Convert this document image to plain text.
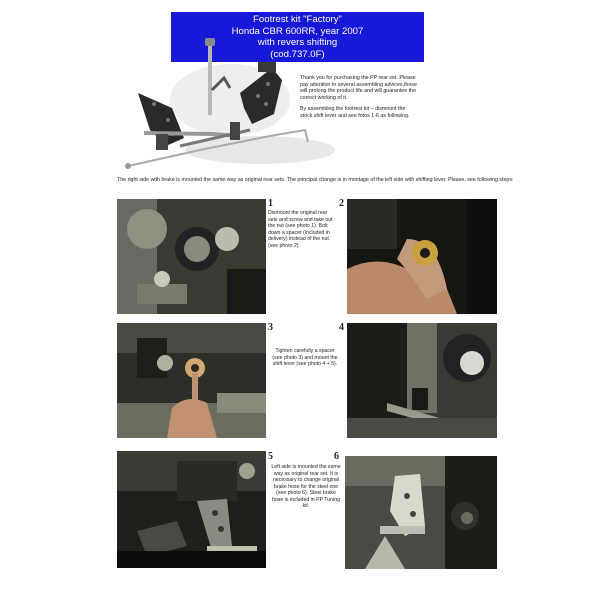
Footrest kit "Factory"
Honda CBR 600RR, year 2007
with revers shifting
(cod.737.0F)

Thank you for purchasing the PP rear set. Please pay attention to several assembling advices,those will prolong the product life and will guarantee the correct working of it.

By assembling the footrest kit – dismount the stock shift lever and see fotos 1-6 as following.

The right side with brake is mounted the same way as original rear sets. The principal change is in montage of the left side with shifting lever. Please, see following steps:
1
Dismount the original rear sets and screw and take out the nut (see photo 1). Bolt down a spacer (included in delivery) instead of the nut. (see photo 2)
2
3
Tighten carefully a spacer (see photo 3) and mount the shift lever (see photo 4 + 5).
4
5
Left side is mounted the same way as original rear set. It is necessary to change original brake hose for the steel one (see photo 6). Steel brake hose is included in PP Tuning kit.
6
